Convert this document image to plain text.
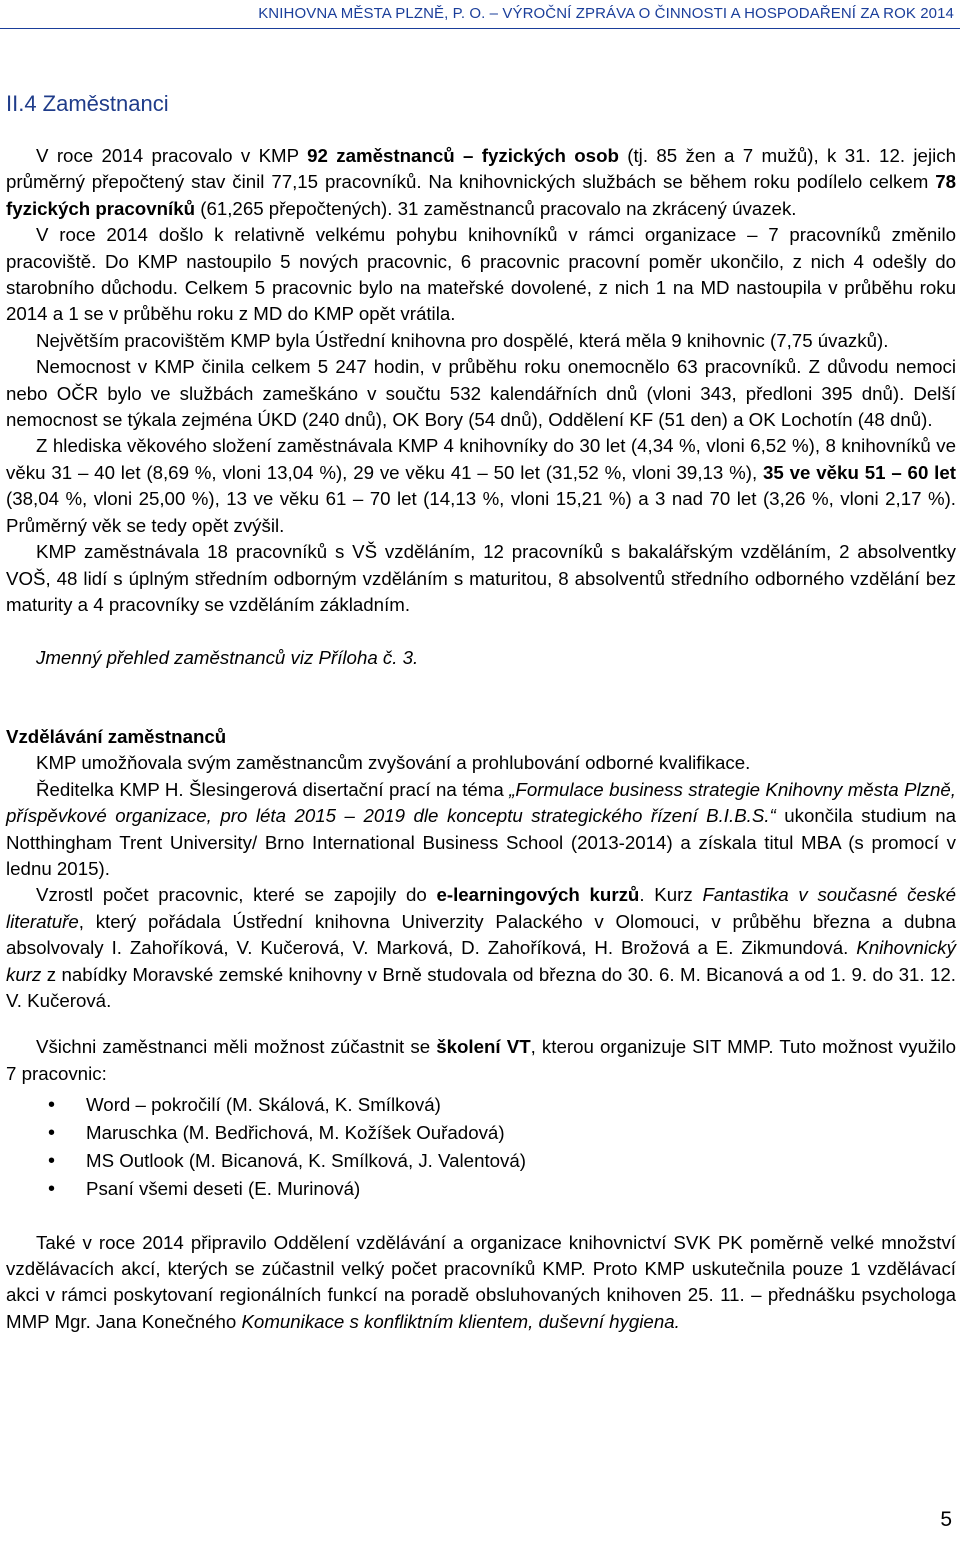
KNIHOVNA MĚSTA PLZNĚ, P. O. – VÝROČNÍ ZPRÁVA O ČINNOSTI A HOSPODAŘENÍ ZA ROK 2014
II.4 Zaměstnanci

V roce 2014 pracovalo v KMP 92 zaměstnanců – fyzických osob (tj. 85 žen a 7 mužů), k 31. 12. jejich průměrný přepočtený stav činil 77,15 pracovníků. Na knihovnických službách se během roku podílelo celkem 78 fyzických pracovníků (61,265 přepočtených). 31 zaměstnanců pracovalo na zkrácený úvazek.

V roce 2014 došlo k relativně velkému pohybu knihovníků v rámci organizace – 7 pracovníků změnilo pracoviště. Do KMP nastoupilo 5 nových pracovnic, 6 pracovnic pracovní poměr ukončilo, z nich 4 odešly do starobního důchodu. Celkem 5 pracovnic bylo na mateřské dovolené, z nich 1 na MD nastoupila v průběhu roku 2014 a 1 se v průběhu roku z MD do KMP opět vrátila.

Největším pracovištěm KMP byla Ústřední knihovna pro dospělé, která měla 9 knihovnic (7,75 úvazků).

Nemocnost v KMP činila celkem 5 247 hodin, v průběhu roku onemocnělo 63 pracovníků. Z důvodu nemoci nebo OČR bylo ve službách zameškáno v součtu 532 kalendářních dnů (vloni 343, předloni 395 dnů). Delší nemocnost se týkala zejména ÚKD (240 dnů), OK Bory (54 dnů), Oddělení KF (51 den) a OK Lochotín (48 dnů).

Z hlediska věkového složení zaměstnávala KMP 4 knihovníky do 30 let (4,34 %, vloni 6,52 %), 8 knihovníků ve věku 31 – 40 let (8,69 %, vloni 13,04 %), 29 ve věku 41 – 50 let (31,52 %, vloni 39,13 %), 35 ve věku 51 – 60 let (38,04 %, vloni 25,00 %), 13 ve věku 61 – 70 let (14,13 %, vloni 15,21 %) a 3 nad 70 let (3,26 %, vloni 2,17 %). Průměrný věk se tedy opět zvýšil.

KMP zaměstnávala 18 pracovníků s VŠ vzděláním, 12 pracovníků s bakalářským vzděláním, 2 absolventky VOŠ, 48 lidí s úplným středním odborným vzděláním s maturitou, 8 absolventů středního odborného vzdělání bez maturity a 4 pracovníky se vzděláním základním.

Jmenný přehled zaměstnanců viz Příloha č. 3.

Vzdělávání zaměstnanců

KMP umožňovala svým zaměstnancům zvyšování a prohlubování odborné kvalifikace.

Ředitelka KMP H. Šlesingerová disertační prací na téma „Formulace business strategie Knihovny města Plzně, příspěvkové organizace, pro léta 2015 – 2019 dle konceptu strategického řízení B.I.B.S.“ ukončila studium na Notthingham Trent University/ Brno International Business School (2013-2014) a získala titul MBA (s promocí v lednu 2015).

Vzrostl počet pracovnic, které se zapojily do e-learningových kurzů. Kurz Fantastika v současné české literatuře, který pořádala Ústřední knihovna Univerzity Palackého v Olomouci, v průběhu března a dubna absolvovaly I. Zahoříková, V. Kučerová, V. Marková, D. Zahoříková, H. Brožová a E. Zikmundová. Knihovnický kurz z nabídky Moravské zemské knihovny v Brně studovala od března do 30. 6. M. Bicanová a od 1. 9. do 31. 12. V. Kučerová.

Všichni zaměstnanci měli možnost zúčastnit se školení VT, kterou organizuje SIT MMP. Tuto možnost využilo 7 pracovnic:

• Word – pokročilí (M. Skálová, K. Smílková)
• Maruschka (M. Bedřichová, M. Kožíšek Ouřadová)
• MS Outlook (M. Bicanová, K. Smílková, J. Valentová)
• Psaní všemi deseti (E. Murinová)

Také v roce 2014 připravilo Oddělení vzdělávání a organizace knihovnictví SVK PK poměrně velké množství vzdělávacích akcí, kterých se zúčastnil velký počet pracovníků KMP. Proto KMP uskutečnila pouze 1 vzdělávací akci v rámci poskytovaní regionálních funkcí na poradě obsluhovaných knihoven 25. 11. – přednášku psychologa MMP Mgr. Jana Konečného Komunikace s konfliktním klientem, duševní hygiena.

5
